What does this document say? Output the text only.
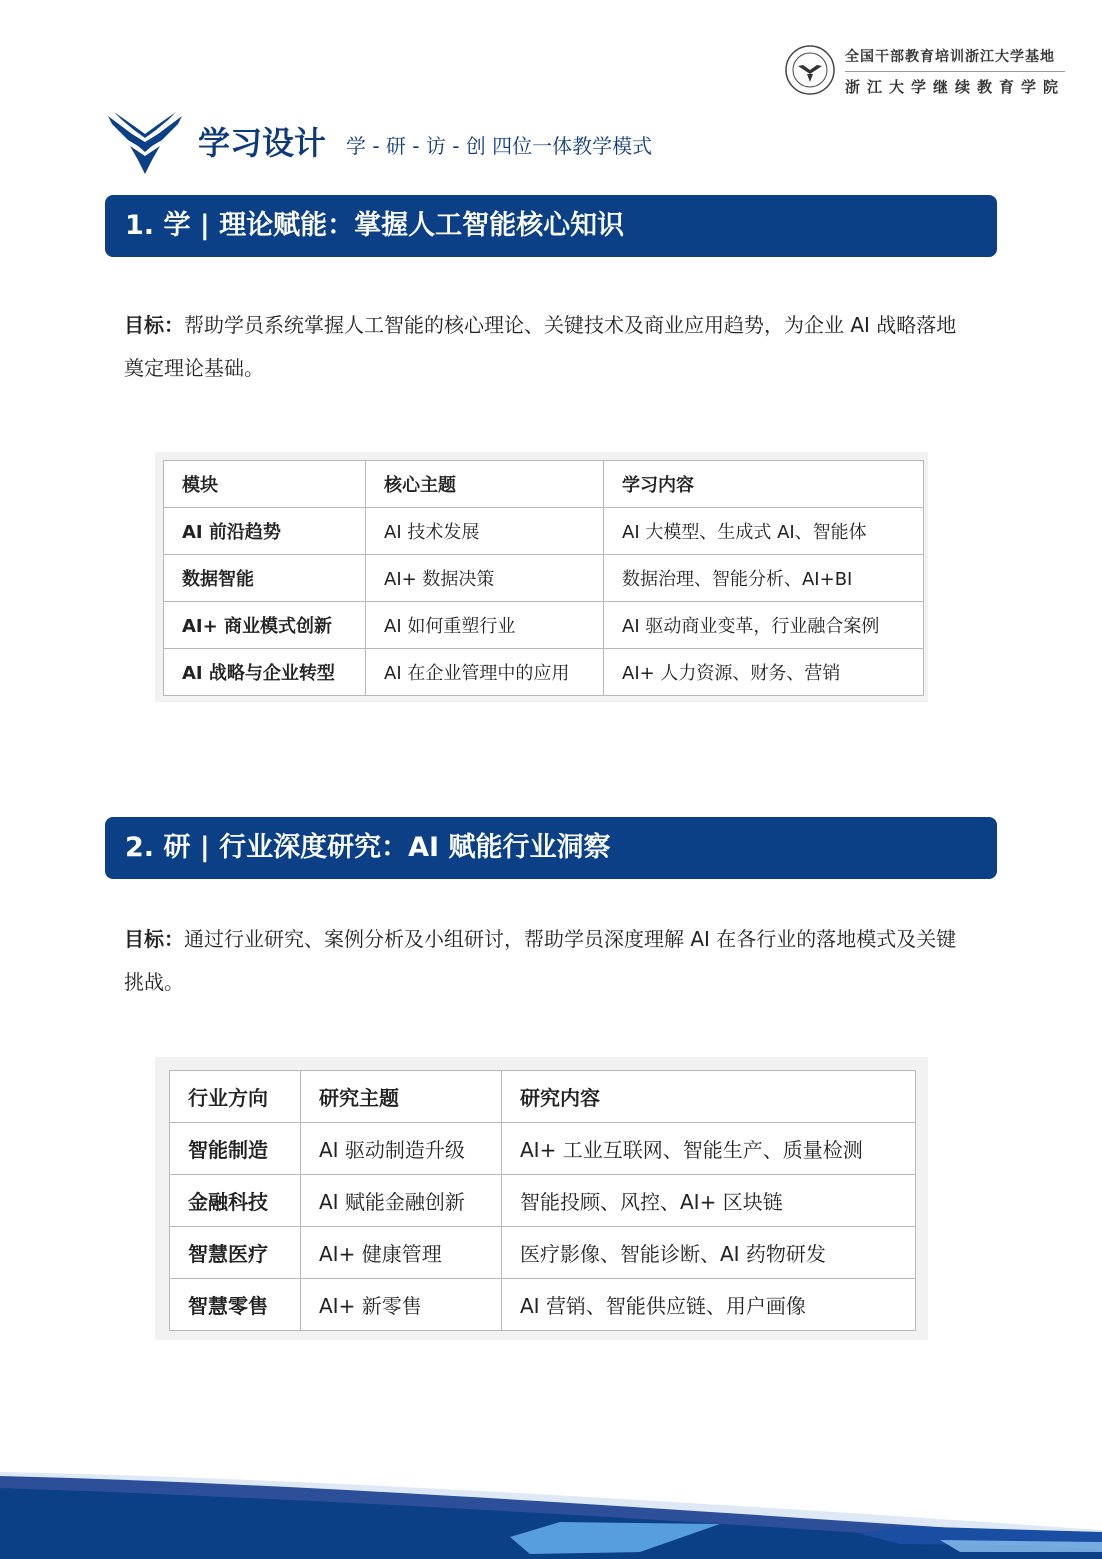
全国干部教育培训浙江大学基地
浙江大学继续教育学院
学习设计 学 - 研 - 访 - 创 四位一体教学模式
1. 学 | 理论赋能：掌握人工智能核心知识
目标：帮助学员系统掌握人工智能的核心理论、关键技术及商业应用趋势，为企业 AI 战略落地奠定理论基础。
模块	核心主题	学习内容
AI 前沿趋势	AI 技术发展	AI 大模型、生成式 AI、智能体
数据智能	AI+ 数据决策	数据治理、智能分析、AI+BI
AI+ 商业模式创新	AI 如何重塑行业	AI 驱动商业变革，行业融合案例
AI 战略与企业转型	AI 在企业管理中的应用	AI+ 人力资源、财务、营销
2. 研 | 行业深度研究：AI 赋能行业洞察
目标：通过行业研究、案例分析及小组研讨，帮助学员深度理解 AI 在各行业的落地模式及关键挑战。
行业方向	研究主题	研究内容
智能制造	AI 驱动制造升级	AI+ 工业互联网、智能生产、质量检测
金融科技	AI 赋能金融创新	智能投顾、风控、AI+ 区块链
智慧医疗	AI+ 健康管理	医疗影像、智能诊断、AI 药物研发
智慧零售	AI+ 新零售	AI 营销、智能供应链、用户画像
